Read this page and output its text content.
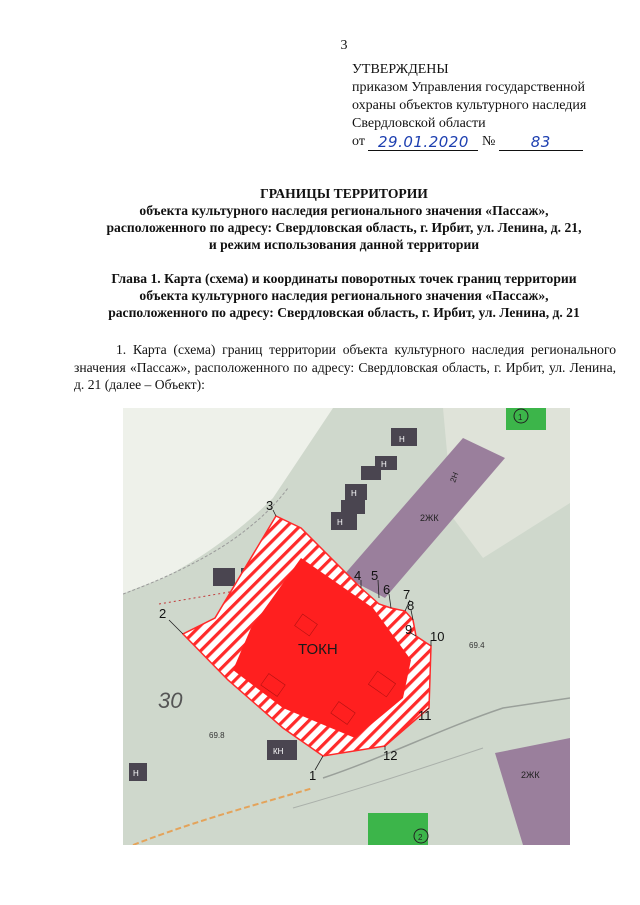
3
УТВЕРЖДЕНЫ
приказом Управления государственной
охраны объектов культурного наследия
Свердловской области
от 29.01.2020 № 83
ГРАНИЦЫ ТЕРРИТОРИИ
объекта культурного наследия регионального значения «Пассаж»,
расположенного по адресу: Свердловская область, г. Ирбит, ул. Ленина, д. 21,
и режим использования данной территории
Глава 1. Карта (схема) и координаты поворотных точек границ территории
объекта культурного наследия регионального значения «Пассаж»,
расположенного по адресу: Свердловская область, г. Ирбит, ул. Ленина, д. 21
1. Карта (схема) границ территории объекта культурного наследия регионального значения «Пассаж», расположенного по адресу: Свердловская область, г. Ирбит, ул. Ленина, д. 21 (далее – Объект):
ТОКН
2ЖК
2ЖК
2Н
КН
Н
Н
Н
Н
Н
69.8
69.4
30
1
2
1
2
3
4 5
6 7
8
9 10
11
12
